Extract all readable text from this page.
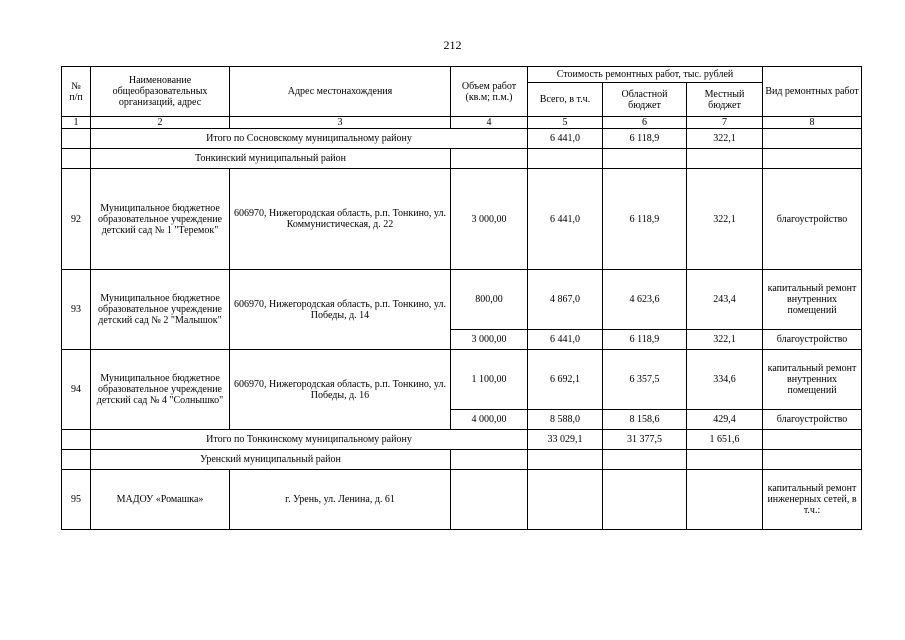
212
№
п/п	Наименование общеобразовательных организаций, адрес	Адрес местонахождения	Объем работ (кв.м; п.м.)	Стоимость ремонтных работ, тыс. рублей			Вид ремонтных работ
				Всего, в т.ч.	Областной бюджет	Местный бюджет	
1	2	3	4	5	6	7	8
	Итого по Сосновскому муниципальному району			6 441,0	6 118,9	322,1	
	Тонкинский муниципальный район						
92	Муниципальное бюджетное образовательное учреждение детский сад № 1 "Теремок"	606970, Нижегородская область, р.п. Тонкино, ул. Коммунистическая, д. 22	3 000,00	6 441,0	6 118,9	322,1	благоустройство
93	Муниципальное бюджетное образовательное учреждение детский сад № 2 "Малышок"	606970, Нижегородская область, р.п. Тонкино, ул. Победы, д. 14	800,00	4 867,0	4 623,6	243,4	капитальный ремонт внутренних помещений
			3 000,00	6 441,0	6 118,9	322,1	благоустройство
94	Муниципальное бюджетное образовательное учреждение детский сад № 4 "Солнышко"	606970, Нижегородская область, р.п. Тонкино, ул. Победы, д. 16	1 100,00	6 692,1	6 357,5	334,6	капитальный ремонт внутренних помещений
			4 000,00	8 588,0	8 158,6	429,4	благоустройство
	Итого по Тонкинскому муниципальному району			33 029,1	31 377,5	1 651,6	
	Уренский муниципальный район						
95	МАДОУ «Ромашка»	г. Урень, ул. Ленина, д. 61					капитальный ремонт инженерных сетей, в т.ч.:
